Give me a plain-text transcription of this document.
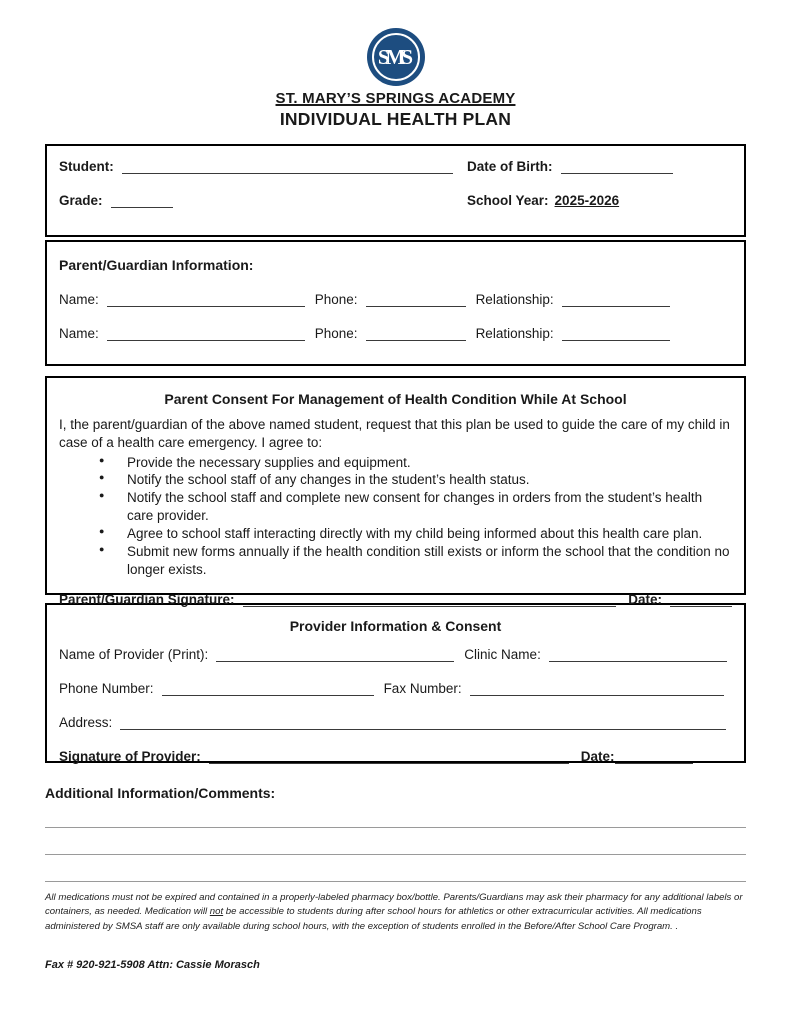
SMS
ST. MARY’S SPRINGS ACADEMY
INDIVIDUAL HEALTH PLAN
Student:	Date of Birth:
Grade:	School Year: 2025-2026
Parent/Guardian Information:
Name:	Phone:	Relationship:
Name:	Phone:	Relationship:
Parent Consent For Management of Health Condition While At School
I, the parent/guardian of the above named student, request that this plan be used to guide the care of my child in case of a health care emergency. I agree to:
● Provide the necessary supplies and equipment.
● Notify the school staff of any changes in the student’s health status.
● Notify the school staff and complete new consent for changes in orders from the student’s health care provider.
● Agree to school staff interacting directly with my child being informed about this health care plan.
● Submit new forms annually if the health condition still exists or inform the school that the condition no longer exists.
Parent/Guardian Signature:	Date:
Provider Information & Consent
Name of Provider (Print):	Clinic Name:
Phone Number:	Fax Number:
Address:
Signature of Provider:	Date:
Additional Information/Comments:
All medications must not be expired and contained in a properly-labeled pharmacy box/bottle. Parents/Guardians may ask their pharmacy for any additional labels or containers, as needed. Medication will not be accessible to students during after school hours for athletics or other extracurricular activities. All medications administered by SMSA staff are only available during school hours, with the exception of students enrolled in the Before/After School Care Program. .
Fax # 920-921-5908 Attn: Cassie Morasch
